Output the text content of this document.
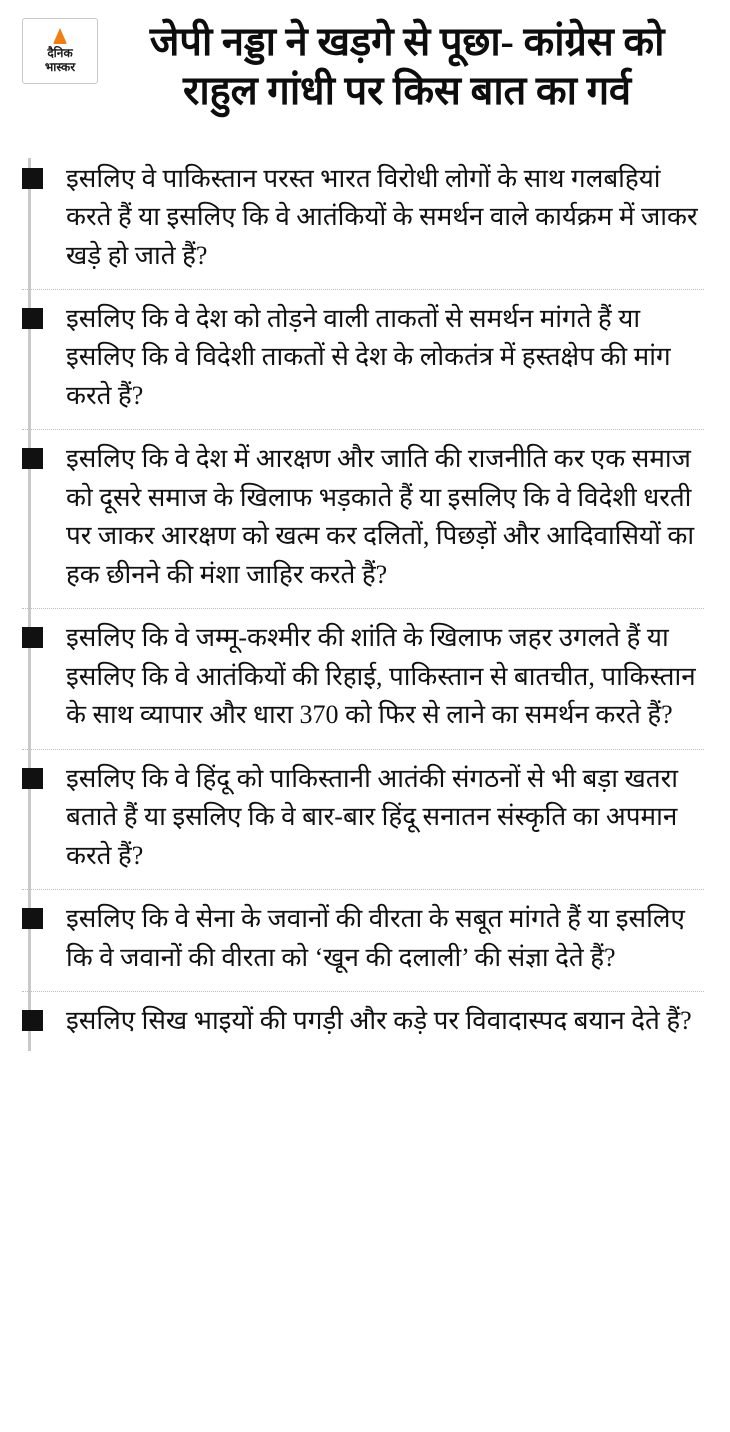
दैनिक
भास्कर
जेपी नड्डा ने खड़गे से पूछा- कांग्रेस को राहुल गांधी पर किस बात का गर्व
इसलिए वे पाकिस्तान परस्त भारत विरोधी लोगों के साथ गलबहियां करते हैं या इसलिए कि वे आतंकियों के समर्थन वाले कार्यक्रम में जाकर खड़े हो जाते हैं?
इसलिए कि वे देश को तोड़ने वाली ताकतों से समर्थन मांगते हैं या इसलिए कि वे विदेशी ताकतों से देश के लोकतंत्र में हस्तक्षेप की मांग करते हैं?
इसलिए कि वे देश में आरक्षण और जाति की राजनीति कर एक समाज को दूसरे समाज के खिलाफ भड़काते हैं या इसलिए कि वे विदेशी धरती पर जाकर आरक्षण को खत्म कर दलितों, पिछड़ों और आदिवासियों का हक छीनने की मंशा जाहिर करते हैं?
इसलिए कि वे जम्मू-कश्मीर की शांति के खिलाफ जहर उगलते हैं या इसलिए कि वे आतंकियों की रिहाई, पाकिस्तान से बातचीत, पाकिस्तान के साथ व्यापार और धारा 370 को फिर से लाने का समर्थन करते हैं?
इसलिए कि वे हिंदू को पाकिस्तानी आतंकी संगठनों से भी बड़ा खतरा बताते हैं या इसलिए कि वे बार-बार हिंदू सनातन संस्कृति का अपमान करते हैं?
इसलिए कि वे सेना के जवानों की वीरता के सबूत मांगते हैं या इसलिए कि वे जवानों की वीरता को ‘खून की दलाली’ की संज्ञा देते हैं?
इसलिए सिख भाइयों की पगड़ी और कड़े पर विवादास्पद बयान देते हैं?
